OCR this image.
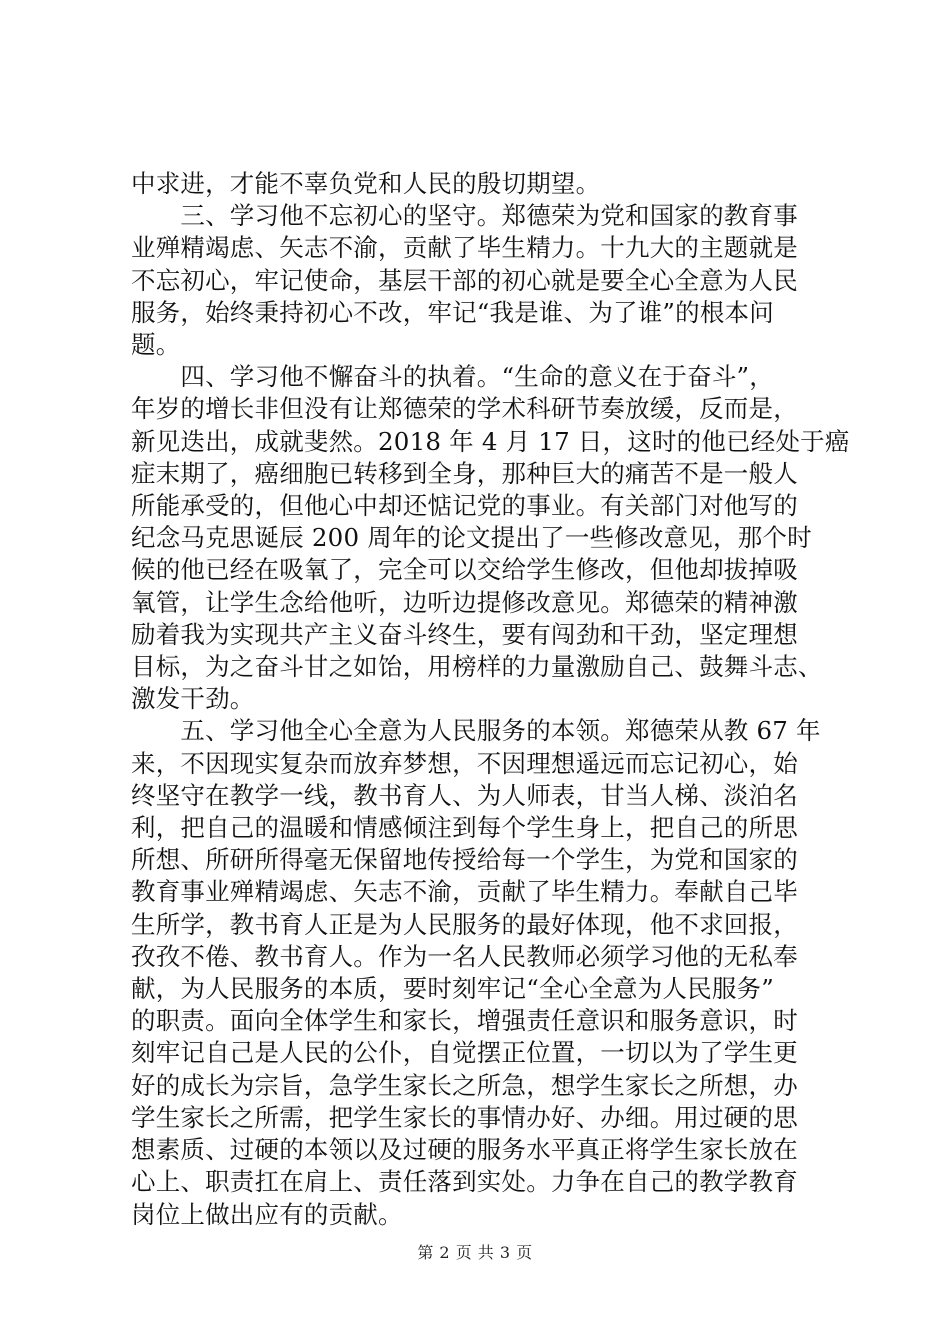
中求进，才能不辜负党和人民的殷切期望。
　　三、学习他不忘初心的坚守。郑德荣为党和国家的教育事
业殚精竭虑、矢志不渝，贡献了毕生精力。十九大的主题就是
不忘初心，牢记使命，基层干部的初心就是要全心全意为人民
服务，始终秉持初心不改，牢记“我是谁、为了谁”的根本问
题。
　　四、学习他不懈奋斗的执着。“生命的意义在于奋斗”，
年岁的增长非但没有让郑德荣的学术科研节奏放缓，反而是，
新见迭出，成就斐然。2018 年 4 月 17 日，这时的他已经处于癌
症末期了，癌细胞已转移到全身，那种巨大的痛苦不是一般人
所能承受的，但他心中却还惦记党的事业。有关部门对他写的
纪念马克思诞辰 200 周年的论文提出了一些修改意见，那个时
候的他已经在吸氧了，完全可以交给学生修改，但他却拔掉吸
氧管，让学生念给他听，边听边提修改意见。郑德荣的精神激
励着我为实现共产主义奋斗终生，要有闯劲和干劲，坚定理想
目标，为之奋斗甘之如饴，用榜样的力量激励自己、鼓舞斗志、
激发干劲。
　　五、学习他全心全意为人民服务的本领。郑德荣从教 67 年
来，不因现实复杂而放弃梦想，不因理想遥远而忘记初心，始
终坚守在教学一线，教书育人、为人师表，甘当人梯、淡泊名
利，把自己的温暖和情感倾注到每个学生身上，把自己的所思
所想、所研所得毫无保留地传授给每一个学生，为党和国家的
教育事业殚精竭虑、矢志不渝，贡献了毕生精力。奉献自己毕
生所学，教书育人正是为人民服务的最好体现，他不求回报，
孜孜不倦、教书育人。作为一名人民教师必须学习他的无私奉
献，为人民服务的本质，要时刻牢记“全心全意为人民服务”
的职责。面向全体学生和家长，增强责任意识和服务意识，时
刻牢记自己是人民的公仆，自觉摆正位置，一切以为了学生更
好的成长为宗旨，急学生家长之所急，想学生家长之所想，办
学生家长之所需，把学生家长的事情办好、办细。用过硬的思
想素质、过硬的本领以及过硬的服务水平真正将学生家长放在
心上、职责扛在肩上、责任落到实处。力争在自己的教学教育
岗位上做出应有的贡献。
第 2 页 共 3 页
